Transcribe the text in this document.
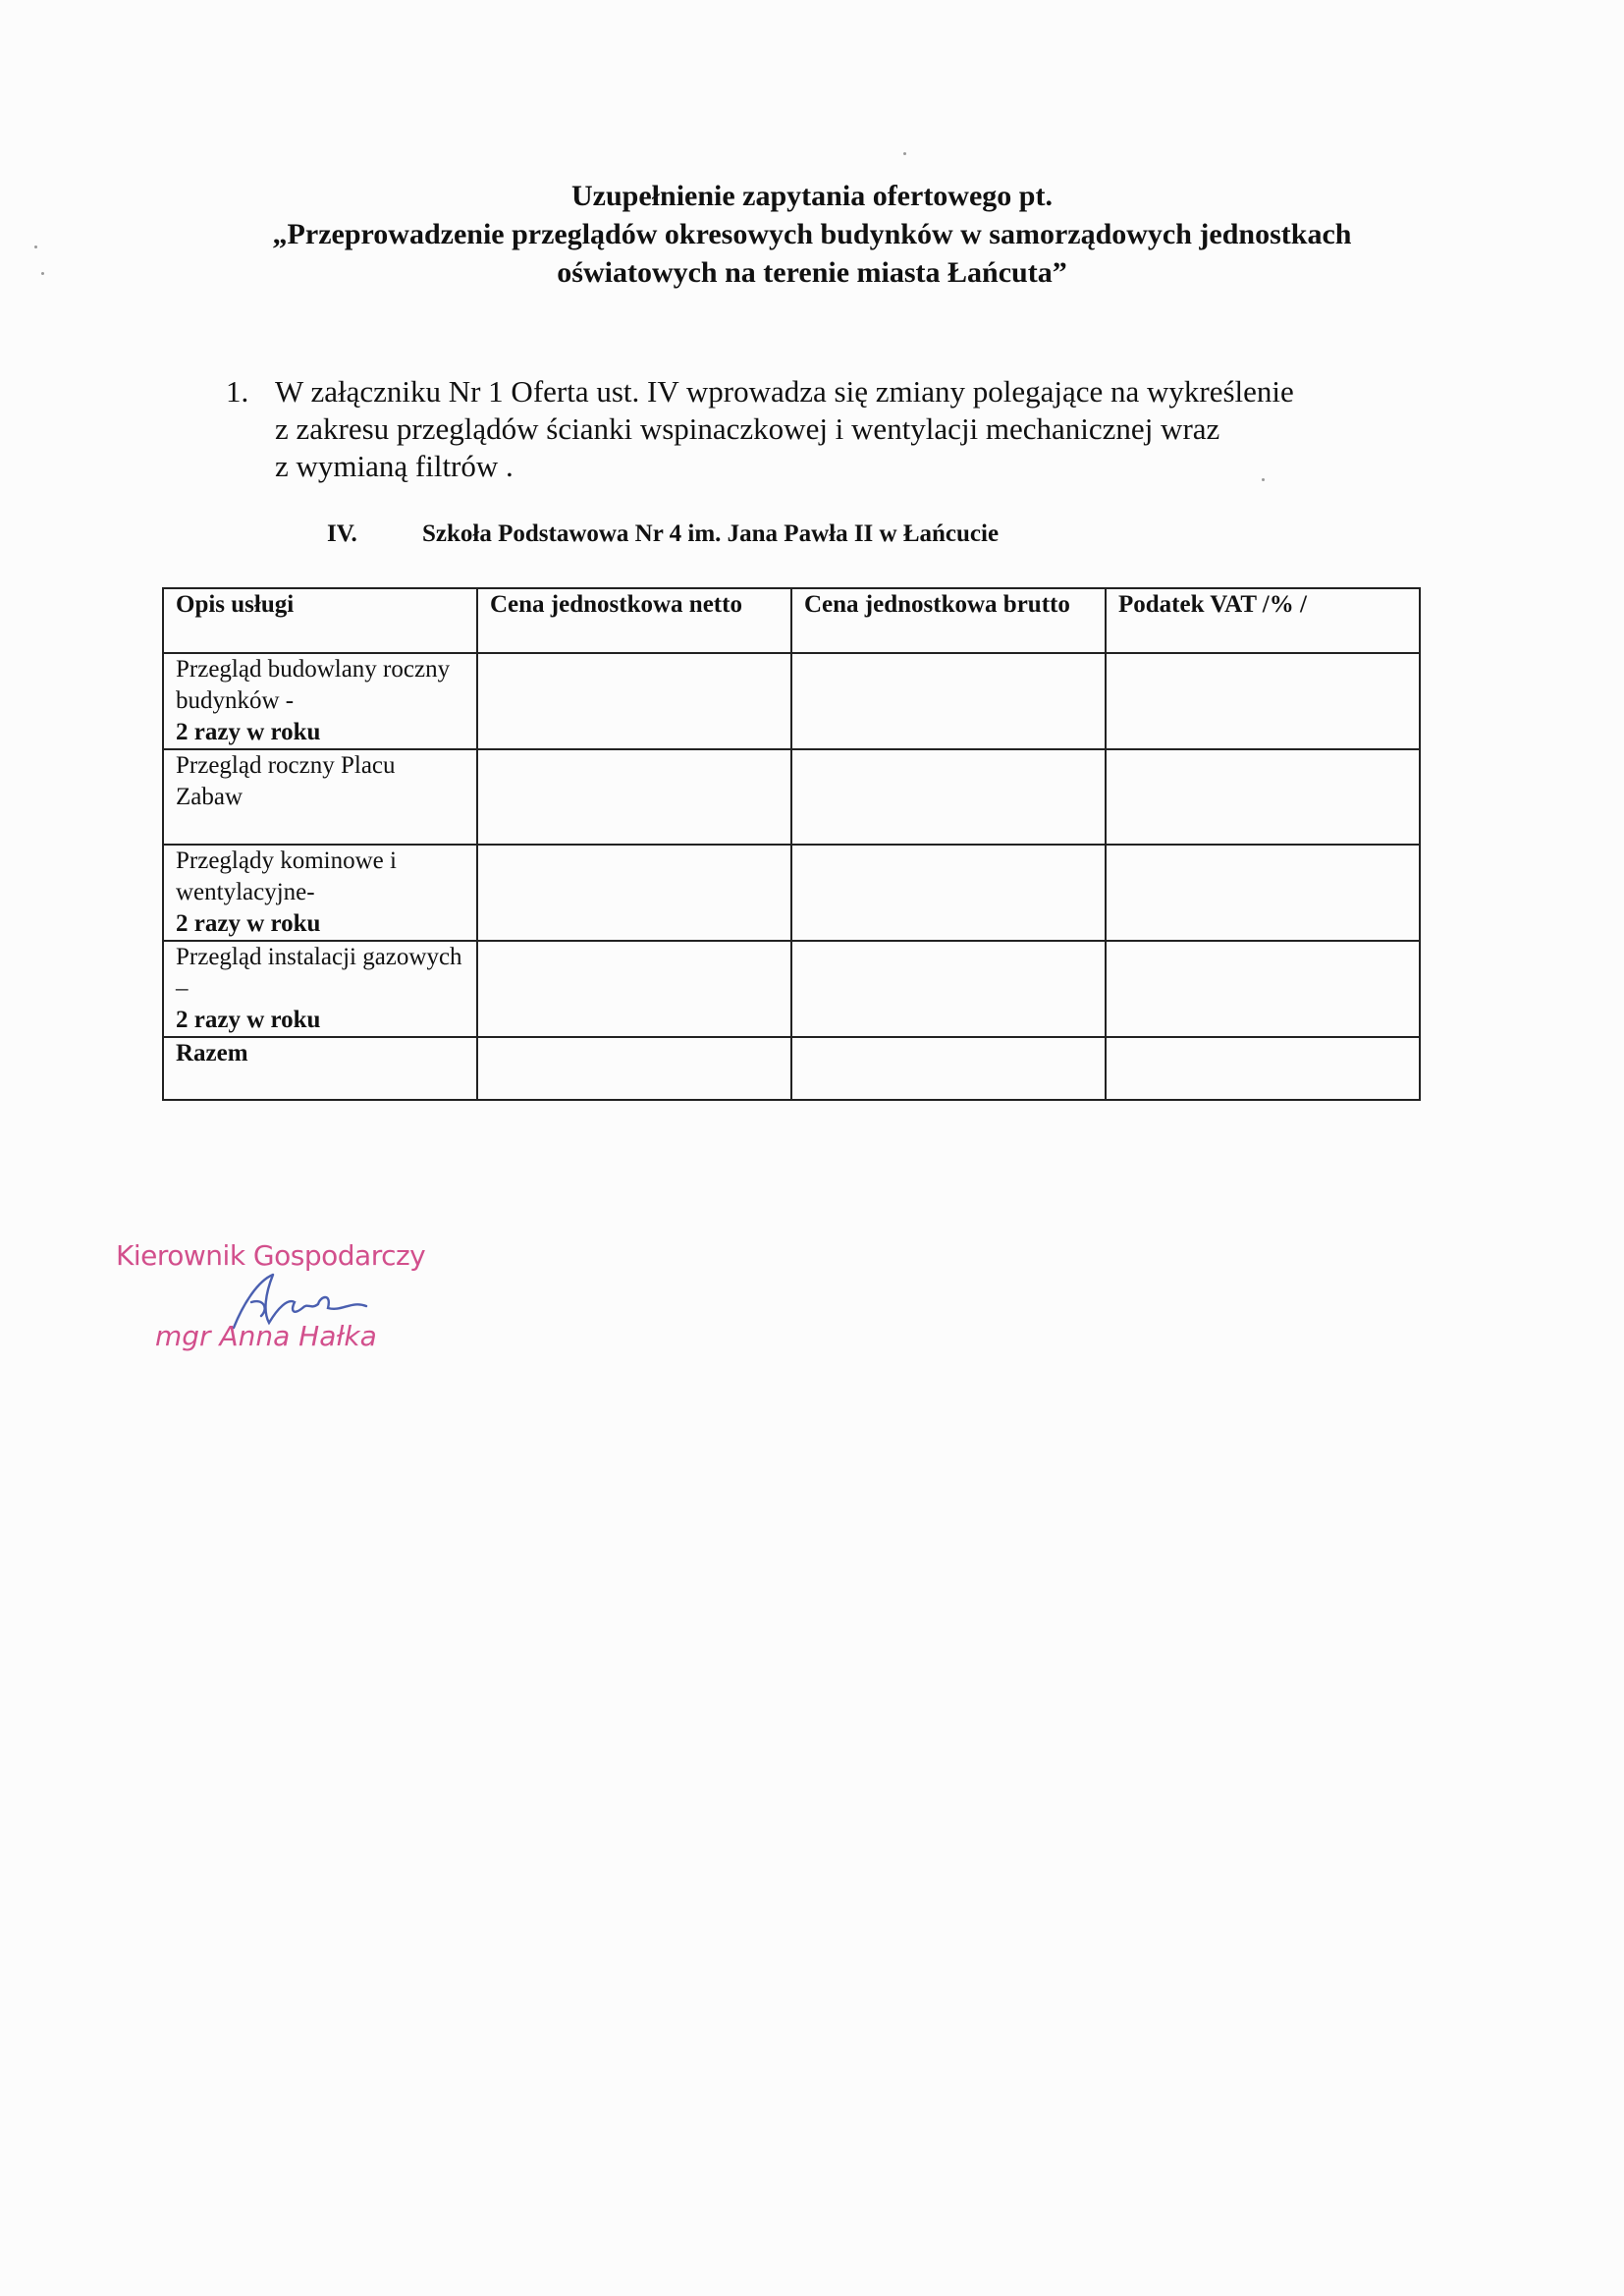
Uzupełnienie zapytania ofertowego pt.
„Przeprowadzenie przeglądów okresowych budynków w samorządowych jednostkach
oświatowych na terenie miasta Łańcuta”
1. W załączniku Nr 1 Oferta ust. IV wprowadza się zmiany polegające na wykreślenie
z zakresu przeglądów ścianki wspinaczkowej i wentylacji mechanicznej wraz
z wymianą filtrów .
IV.	Szkoła Podstawowa Nr 4 im. Jana Pawła II w Łańcucie
Opis usługi	Cena jednostkowa netto	Cena jednostkowa brutto	Podatek VAT /% /

Przegląd budowlany roczny budynków -
2 razy w roku			

Przegląd roczny Placu Zabaw			

Przeglądy kominowe i wentylacyjne-
2 razy w roku			

Przegląd instalacji gazowych –
2 razy w roku			

Razem			

Kierownik Gospodarczy
mgr Anna Hałka
